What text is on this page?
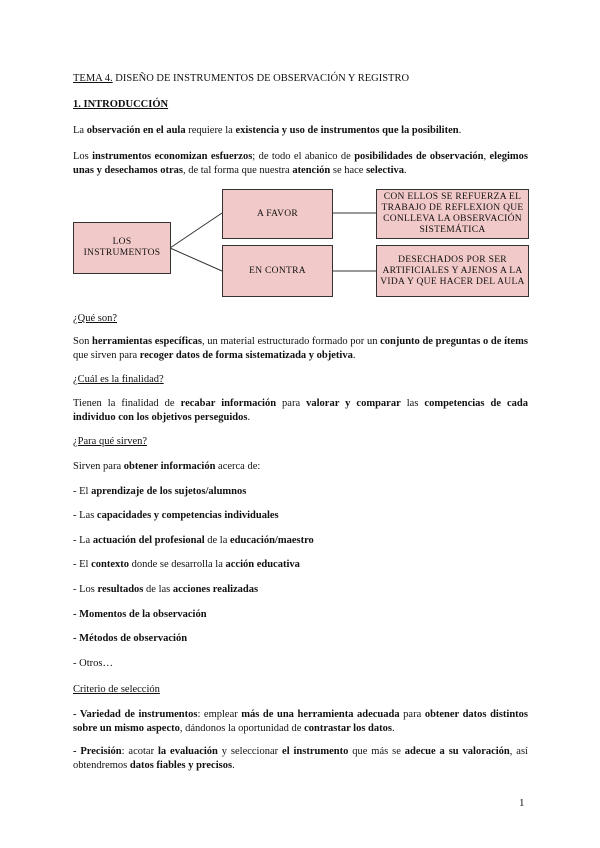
TEMA 4. DISEÑO DE INSTRUMENTOS DE OBSERVACIÓN Y REGISTRO
1. INTRODUCCIÓN
La observación en el aula requiere la existencia y uso de instrumentos que la posibiliten.
Los instrumentos economizan esfuerzos; de todo el abanico de posibilidades de observación, elegimos unas y desechamos otras, de tal forma que nuestra atención se hace selectiva.
LOS INSTRUMENTOS
A FAVOR
EN CONTRA
CON ELLOS SE REFUERZA EL TRABAJO DE REFLEXION QUE CONLLEVA LA OBSERVACIÓN SISTEMÁTICA
DESECHADOS POR SER ARTIFICIALES Y AJENOS A LA VIDA Y QUE HACER DEL AULA
¿Qué son?
Son herramientas específicas, un material estructurado formado por un conjunto de preguntas o de ítems que sirven para recoger datos de forma sistematizada y objetiva.
¿Cuál es la finalidad?
Tienen la finalidad de recabar información para valorar y comparar las competencias de cada individuo con los objetivos perseguidos.
¿Para qué sirven?
Sirven para obtener información acerca de:
- El aprendizaje de los sujetos/alumnos
- Las capacidades y competencias individuales
- La actuación del profesional de la educación/maestro
- El contexto donde se desarrolla la acción educativa
- Los resultados de las acciones realizadas
- Momentos de la observación
- Métodos de observación
- Otros…
Criterio de selección
- Variedad de instrumentos: emplear más de una herramienta adecuada para obtener datos distintos sobre un mismo aspecto, dándonos la oportunidad de contrastar los datos.
- Precisión: acotar la evaluación y seleccionar el instrumento que más se adecue a su valoración, así obtendremos datos fiables y precisos.
1
